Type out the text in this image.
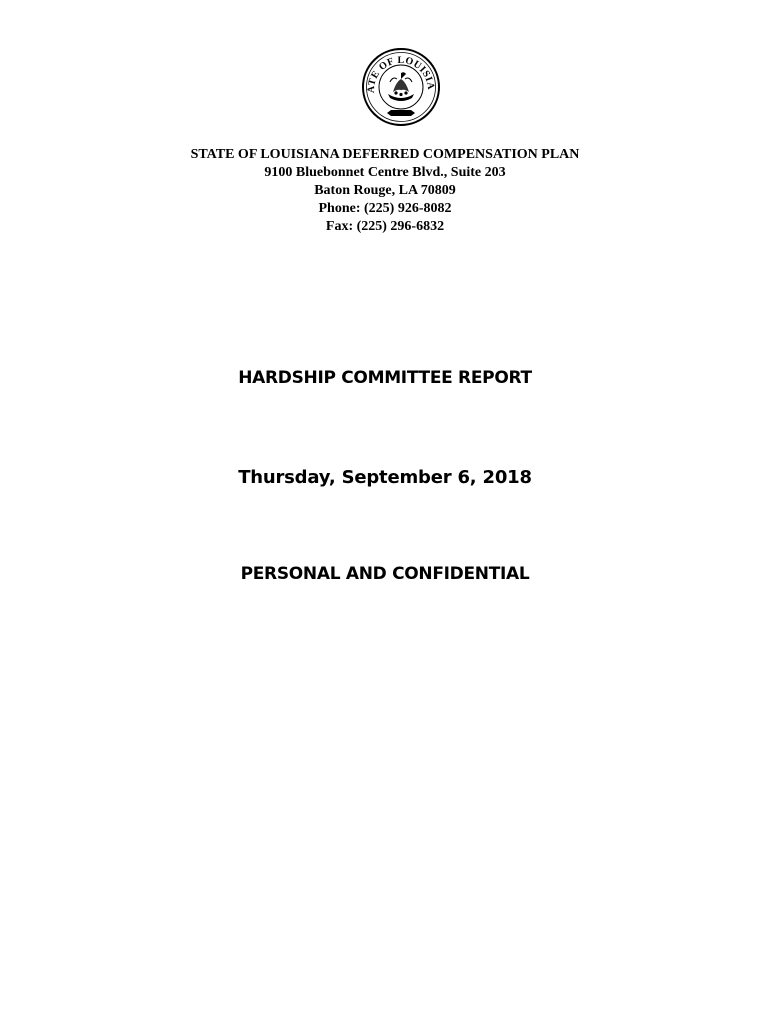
ATE OF LOUISIA
STATE OF LOUISIANA DEFERRED COMPENSATION PLAN
9100 Bluebonnet Centre Blvd., Suite 203
Baton Rouge, LA 70809
Phone: (225) 926-8082
Fax: (225) 296-6832
HARDSHIP COMMITTEE REPORT
Thursday, September 6, 2018
PERSONAL AND CONFIDENTIAL
